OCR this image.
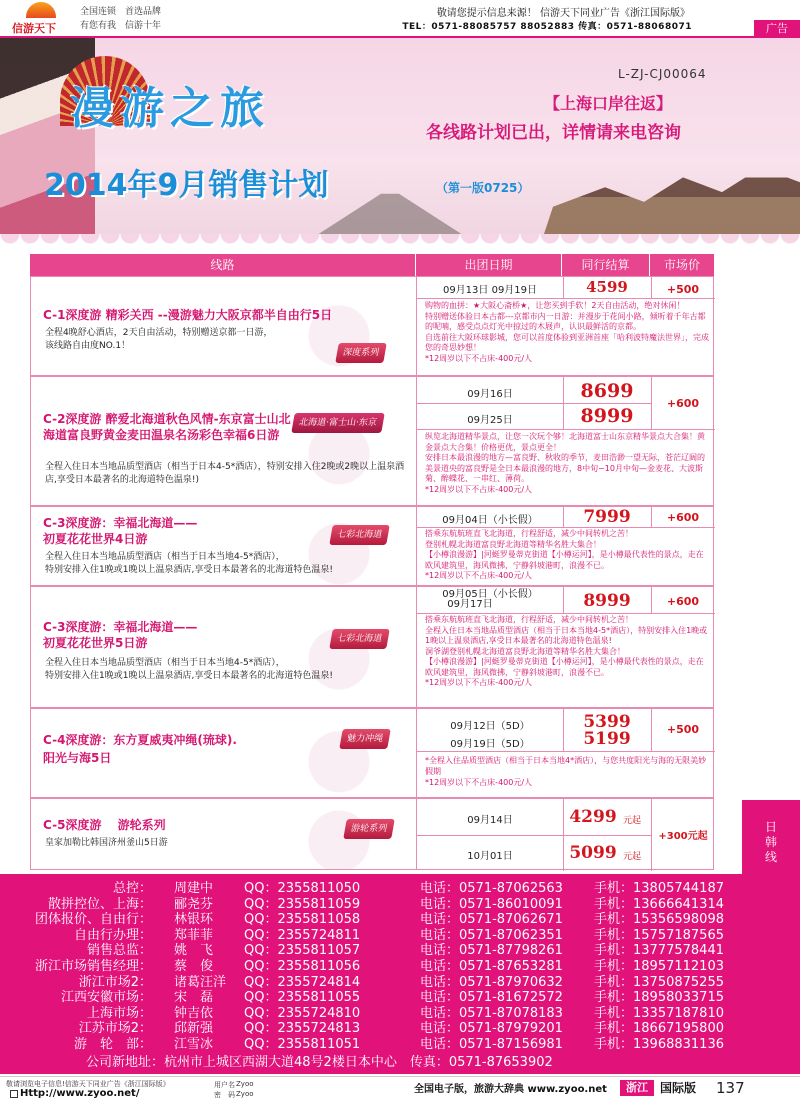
信游天下
全国连锁　首选品牌
有您有我　信游十年
敬请您提示信息来源！ 信游天下同业广告《浙江国际版》
TEL：0571-88085757 88052883 传真：0571-88068071	广告
L-ZJ-CJ00064
漫游之旅	【上海口岸往返】
各线路计划已出，详情请来电咨询
2014年9月销售计划	（第一版0725）
线路	出团日期	同行结算	市场价
C-1深度游 精彩关西 --漫游魅力大阪京都半自由行5日
全程4晚舒心酒店，2天自由活动，特别赠送京都一日游，
该线路自由度NO.1！
深度系列
09月13日 09月19日	4599	+500
购物的血拼：★大阪心斋桥★，让您买到手软！2天自由活动，绝对休闲！
特别赠送体验日本古都---京都市内一日游：并漫步于花间小路，倾听着千年古都的呢喃，感受点点灯光中掠过的木屐声，认识最鲜活的京都。
自选前往大阪环球影城，您可以首度体验到亚洲首座「哈利波特魔法世界」，完成您的奇思妙想！
*12周岁以下不占床-400元/人
C-2深度游 醉爱北海道秋色风情-东京富士山北海道富良野黄金麦田温泉名汤彩色幸福6日游
北海道·富士山·东京
全程入住日本当地品质型酒店（相当于日本4-5*酒店），特别安排入住2晚或2晚以上温泉酒店,享受日本最著名的北海道特色温泉!)
09月16日	8699
09月25日	8999
+600
纵览北海道精华景点，让您一次玩个够！北海道富士山东京精华景点大合集！黄金景点大合集！价格更优，景点更全！
安排日本最浪漫的地方—富良野、秋收的季节，麦田浩渺一望无际，苍茫辽阔的美景道央的富良野是全日本最浪漫的地方，8中旬~10月中旬—金麦花、大波斯菊、醉蝶花、一串红、薄荷。
*12周岁以下不占床-400元/人
C-3深度游：幸福北海道——
初夏花花世界4日游	七彩北海道
全程入住日本当地品质型酒店（相当于日本当地4-5*酒店），
特别安排入住1晚或1晚以上温泉酒店,享受日本最著名的北海道特色温泉!
09月04日（小长假）	7999	+600
搭乘东航航班直飞北海道，行程舒适，减少中间转机之苦！
登别札幌北海道富良野北海道等精华名胜大集合！
【小樽浪漫游】|河蜓罗曼蒂克街道【小樽运河】，是小樽最代表性的景点，走在欧风建筑里，海风微拂，宁静斜坡港町，浪漫不已。
*12周岁以下不占床-400元/人
C-3深度游：幸福北海道——
初夏花花世界5日游	七彩北海道
全程入住日本当地品质型酒店（相当于日本当地4-5*酒店），
特别安排入住1晚或1晚以上温泉酒店,享受日本最著名的北海道特色温泉!
09月05日（小长假）
09月17日	8999	+600
搭乘东航航班直飞北海道，行程舒适，减少中间转机之苦！
全程入住日本当地品质型酒店（相当于日本当地4-5*酒店），特别安排入住1晚或1晚以上温泉酒店,享受日本最著名的北海道特色温泉!
洞爷湖登别札幌北海道富良野北海道等精华名胜大集合！
【小樽浪漫游】|河蜓罗曼蒂克街道【小樽运河】，是小樽最代表性的景点，走在欧风建筑里，海风微拂，宁静斜坡港町，浪漫不已。
*12周岁以下不占床-400元/人
C-4深度游：东方夏威夷冲绳(琉球).
阳光与海5日
魅力冲绳
09月12日（5D）	5399
09月19日（5D）	5199	+500
*全程入住品质型酒店（相当于日本当地4*酒店），与您共度阳光与海的无限美妙假期
*12周岁以下不占床-400元/人
C-5深度游　 游轮系列
皇家加勒比韩国济州釜山5日游
游轮系列
09月14日	4299 元起
10月01日	5099 元起
+300元起
日
韩
线
总控： 周建中 QQ：2355811050	电话：0571-87062563 手机：13805744187
散拼控位、上海： 郦尧芬 QQ：2355811059	电话：0571-86010091 手机：13666641314
团体报价、自由行： 林银环 QQ：2355811058	电话：0571-87062671 手机：15356598098
自由行办理： 郑菲菲 QQ：2355724811	电话：0571-87062351 手机：15757187565
销售总监： 姚　飞 QQ：2355811057	电话：0571-87798261 手机：13777578441
浙江市场销售经理： 蔡　俊 QQ：2355811056	电话：0571-87653281 手机：18957112103
浙江市场2： 诸葛汪洋 QQ：2355724814	电话：0571-87970632 手机：13750875255
江西安徽市场： 宋　磊 QQ：2355811055	电话：0571-81672572 手机：18958033715
上海市场： 钟吉依 QQ：2355724810	电话：0571-87078183 手机：13357187810
江苏市场2： 邱新强 QQ：2355724813	电话：0571-87979201 手机：18667195800
游　轮　部： 江雪冰 QQ：2355811051	电话：0571-87156981 手机：13968831136
公司新地址：杭州市上城区西湖大道48号2楼日本中心　传真：0571-87653902
敬请浏览电子信息!信游天下同业广告《浙江国际版》
Http://www.zyoo.net/
用户名
密　码
Zyoo
Zyoo	全国电子版，旅游大辞典 www.zyoo.net	浙江	国际版 137
